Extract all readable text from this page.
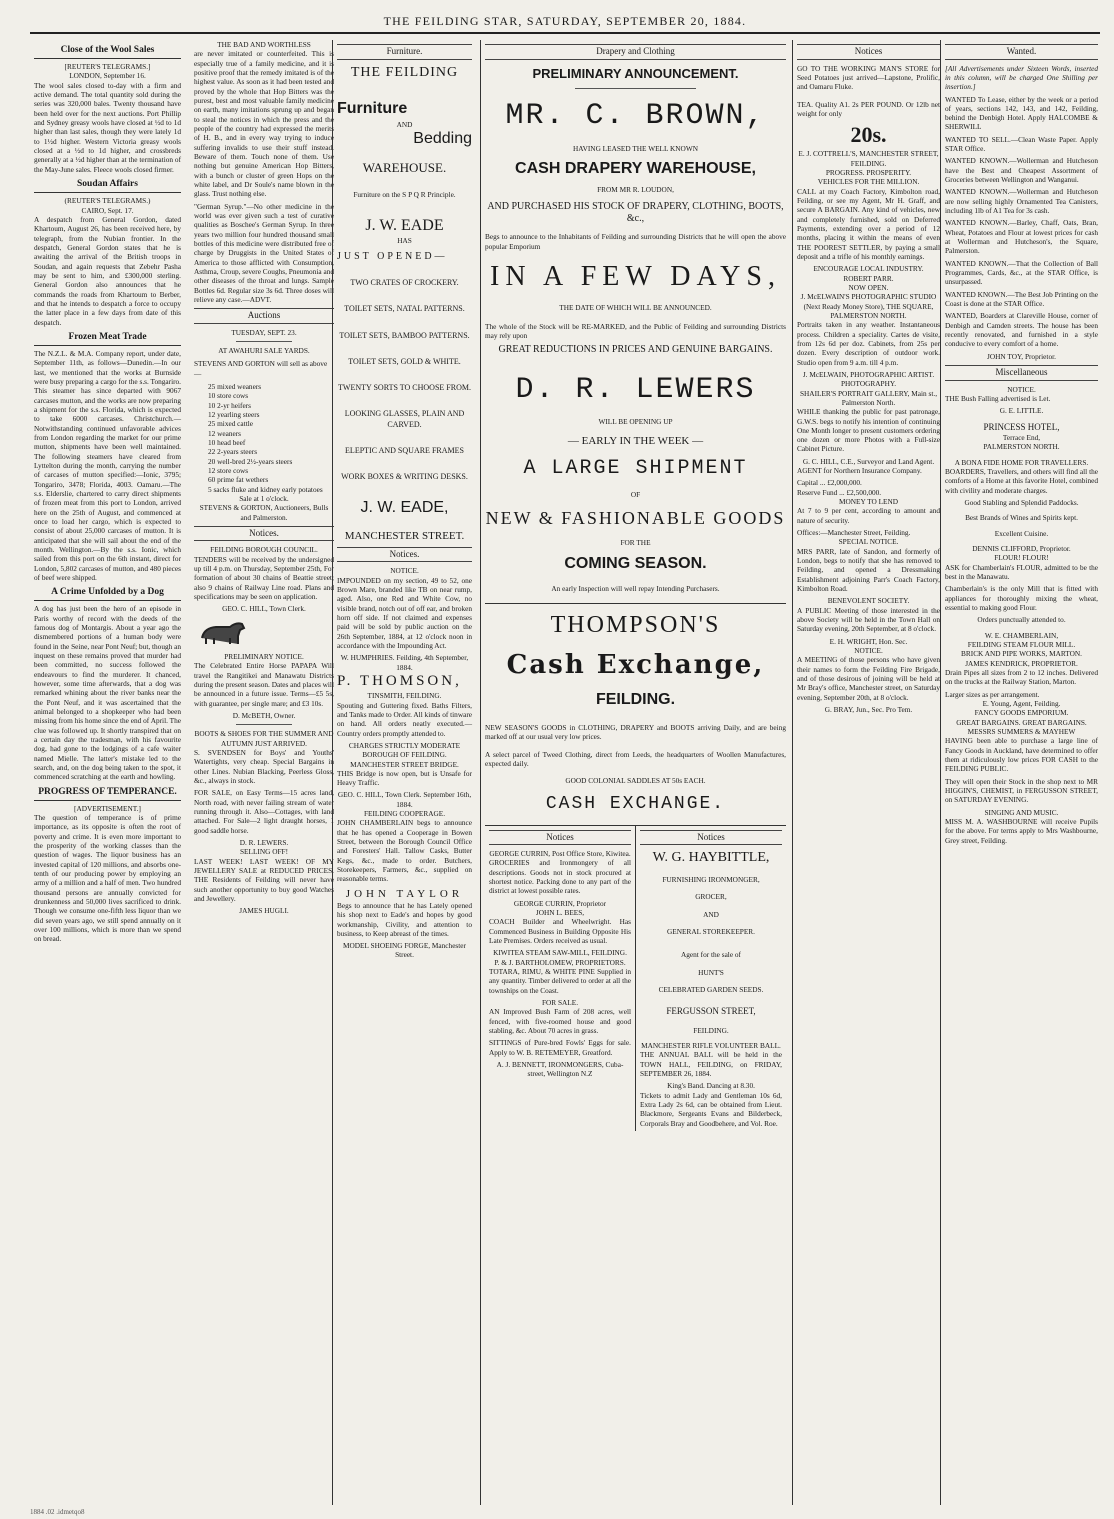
THE FEILDING STAR, SATURDAY, SEPTEMBER 20, 1884.
Close of the Wool Sales
[REUTER'S TELEGRAMS.]
LONDON, September 16.

The wool sales closed to-day with a firm and active demand. The total quantity sold during the series was 320,000 bales. Twenty thousand have been held over for the next auctions. Port Phillip and Sydney greasy wools have closed at ½d to 1d higher than last sales, though they were lately 1d to 1½d higher. Western Victoria greasy wools closed at a ½d to 1d higher, and crossbreds generally at a ½d higher than at the termination of the May-June sales. Fleece wools closed firmer.

Soudan Affairs
(REUTER'S TELEGRAMS.)
CAIRO, Sept. 17.

A despatch from General Gordon, dated Khartoum, August 26, has been received here, by telegraph, from the Nubian frontier. In the despatch, General Gordon states that he is awaiting the arrival of the British troops in Soudan, and again requests that Zebehr Pasha may be sent to him, and £300,000 sterling. General Gordon also announces that he commands the roads from Khartoum to Berber, and that he intends to despatch a force to occupy the latter place in a few days from date of this despatch.

Frozen Meat Trade

The N.Z.L. & M.A. Company report, under date, September 11th, as follows—Dunedin.—In our last, we mentioned that the works at Burnside were busy preparing a cargo for the s.s. Tongariro. This steamer has since departed with 9067 carcases mutton, and the works are now preparing a shipment for the s.s. Florida, which is expected to take 6000 carcases. Christchurch.—Notwithstanding continued unfavorable advices from London regarding the market for our prime mutton, shipments have been well maintained. The following steamers have cleared from Lyttelton during the month, carrying the number of carcases of mutton specified:—Ionic, 3795; Tongariro, 3478; Florida, 4003. Oamaru.—The s.s. Elderslie, chartered to carry direct shipments of frozen meat from this port to London, arrived here on the 25th of August, and commenced at once to load her cargo, which is expected to consist of about 25,000 carcases of mutton. It is anticipated that she will sail about the end of the month. Wellington.—By the s.s. Ionic, which sailed from this port on the 6th instant, direct for London, 5,802 carcases of mutton, and 480 pieces of beef were shipped.

A Crime Unfolded by a Dog

A dog has just been the hero of an episode in Paris worthy of record with the deeds of the famous dog of Montargis. About a year ago the dismembered portions of a human body were found in the Seine, near Pont Neuf; but, though an inquest on these remains proved that murder had been committed, no success followed the endeavours to find the murderer. It chanced, however, some time afterwards, that a dog was remarked whining about the river banks near the the Pont Neuf, and it was ascertained that the animal belonged to a shopkeeper who had been missing from his home since the end of April. The clue was followed up. It shortly transpired that on a certain day the tradesman, with his favourite dog, had gone to the lodgings of a cafe waiter named Mielle. The latter's mistake led to the search, and, on the dog being taken to the spot, it commenced scratching at the earth and howling.

PROGRESS OF TEMPERANCE.
[ADVERTISEMENT.]

The question of temperance is of prime importance, as its opposite is often the root of poverty and crime. It is even more important to the prosperity of the working classes than the question of wages. The liquor business has an invested capital of 120 millions, and absorbs one-tenth of our producing power by employing an army of a million and a half of men. Two hundred thousand persons are annually convicted for drunkenness and 50,000 lives sacrificed to drink. Though we consume one-fifth less liquor than we did seven years ago, we still spend annually on it over 100 millions, which is more than we spend on bread.

THE BAD AND WORTHLESS

are never imitated or counterfeited. This is especially true of a family medicine, and it is positive proof that the remedy imitated is of the highest value. As soon as it had been tested and proved by the whole that Hop Bitters was the purest, best and most valuable family medicine on earth, many imitations sprung up and began to steal the notices in which the press and the people of the country had expressed the merits of H. B., and in every way trying to induce suffering invalids to use their stuff instead. Beware of them. Touch none of them. Use nothing but genuine American Hop Bitters, with a bunch or cluster of green Hops on the white label, and Dr Soule's name blown in the glass. Trust nothing else.

"German Syrup."—No other medicine in the world was ever given such a test of curative qualities as Boschee's German Syrup. In three years two million four hundred thousand small bottles of this medicine were distributed free of charge by Druggists in the United States of America to those afflicted with Consumption, Asthma, Croup, severe Coughs, Pneumonia and other diseases of the throat and lungs. Sample Bottles 6d. Regular size 3s 6d. Three doses will relieve any case.—ADVT.

Auctions
TUESDAY, SEPT. 23.
AT AWAHURI SALE YARDS.
STEVENS AND GORTON will sell as above—
25 mixed weaners
10 store cows
10 2-yr heifers
12 yearling steers
25 mixed cattle
12 weaners
10 head beef
22 2-years steers
20 well-bred 2½-years steers
12 store cows
60 prime fat wethers
5 sacks fluke and kidney early potatoes
Sale at 1 o'clock.
STEVENS & GORTON, Auctioneers, Bulls and Palmerston.
Notices.
FEILDING BOROUGH COUNCIL.

TENDERS will be received by the undersigned up till 4 p.m. on Thursday, September 25th, For formation of about 30 chains of Beattie street; also 9 chains of Railway Line road. Plans and specifications may be seen on application.

GEO. C. HILL, Town Clerk.
PRELIMINARY NOTICE.

The Celebrated Entire Horse PAPAPA Will travel the Rangitikei and Manawatu Districts during the present season. Dates and places will be announced in a future issue. Terms—£5 5s, with guarantee, per single mare; and £3 10s.

D. McBETH, Owner.
BOOTS & SHOES FOR THE SUMMER AND AUTUMN JUST ARRIVED.

S. SVENDSEN for Boys' and Youths' Watertights, very cheap. Special Bargains in other Lines. Nubian Blacking, Peerless Gloss, &c., always in stock.

FOR SALE, on Easy Terms—15 acres land, North road, with never failing stream of water running through it. Also—Cottages, with land attached. For Sale—2 light draught horses, 1 good saddle horse.

D. R. LEWERS.
SELLING OFF!

LAST WEEK! LAST WEEK! OF MY JEWELLERY SALE at REDUCED PRICES. THE Residents of Feilding will never have such another opportunity to buy good Watches and Jewellery.

JAMES HUGLI.
Furniture.
THE FEILDING
Furniture
AND
Bedding
WAREHOUSE.
Furniture on the S P Q R Principle.
J. W. EADE
HAS
JUST OPENED—
TWO CRATES OF CROCKERY.
TOILET SETS, NATAL PATTERNS.
TOILET SETS, BAMBOO PATTERNS.
TOILET SETS, GOLD & WHITE.
TWENTY SORTS TO CHOOSE FROM.
LOOKING GLASSES, PLAIN AND CARVED.
ELEPTIC AND SQUARE FRAMES
WORK BOXES & WRITING DESKS.
J. W. EADE,
MANCHESTER STREET.
Notices.
NOTICE.

IMPOUNDED on my section, 49 to 52, one Brown Mare, branded like TB on near rump, aged. Also, one Red and White Cow, no visible brand, notch out of off ear, and broken horn off side. If not claimed and expenses paid will be sold by public auction on the 26th September, 1884, at 12 o'clock noon in accordance with the Impounding Act.

W. HUMPHRIES. Feilding, 4th September, 1884.
P. THOMSON,
TINSMITH, FEILDING.

Spouting and Guttering fixed. Baths Filters, and Tanks made to Order. All kinds of tinware on hand. All orders neatly executed.—Country orders promptly attended to.

CHARGES STRICTLY MODERATE
BOROUGH OF FEILDING.
MANCHESTER STREET BRIDGE.

THIS Bridge is now open, but is Unsafe for Heavy Traffic.

GEO. C. HILL, Town Clerk. September 16th, 1884.
FEILDING COOPERAGE.

JOHN CHAMBERLAIN begs to announce that he has opened a Cooperage in Bowen Street, between the Borough Council Office and Foresters' Hall. Tallow Casks, Butter Kegs, &c., made to order. Butchers, Storekeepers, Farmers, &c., supplied on reasonable terms.

JOHN TAYLOR

Begs to announce that he has Lately opened his shop next to Eade's and hopes by good workmanship, Civility, and attention to business, to Keep abreast of the times.

MODEL SHOEING FORGE, Manchester Street.
Drapery and Clothing
PRELIMINARY ANNOUNCEMENT.
MR. C. BROWN,
HAVING LEASED THE WELL KNOWN
CASH DRAPERY WAREHOUSE,
FROM MR R. LOUDON,
AND PURCHASED HIS STOCK OF DRAPERY, CLOTHING, BOOTS, &c.,

Begs to announce to the Inhabitants of Feilding and surrounding Districts that he will open the above popular Emporium

IN A FEW DAYS,
THE DATE OF WHICH WILL BE ANNOUNCED.

The whole of the Stock will be RE-MARKED, and the Public of Feilding and surrounding Districts may rely upon

GREAT REDUCTIONS IN PRICES AND GENUINE BARGAINS.
D. R. LEWERS
WILL BE OPENING UP
— EARLY IN THE WEEK —
A LARGE SHIPMENT
OF
NEW & FASHIONABLE GOODS
FOR THE
COMING SEASON.
An early Inspection will well repay Intending Purchasers.
THOMPSON'S
Cash Exchange,
FEILDING.

NEW SEASON'S GOODS in CLOTHING, DRAPERY and BOOTS arriving Daily, and are being marked off at our usual very low prices.

A select parcel of Tweed Clothing, direct from Leeds, the headquarters of Woollen Manufactures, expected daily.

GOOD COLONIAL SADDLES AT 50s EACH.
CASH EXCHANGE.
Notices
GEORGE CURRIN, Post Office Store, Kiwitea.

GROCERIES and Ironmongery of all descriptions. Goods not in stock procured at shortest notice. Packing done to any part of the district at lowest possible rates.

GEORGE CURRIN, Proprietor
JOHN L. BEES,

COACH Builder and Wheelwright. Has Commenced Business in Building Opposite His Late Premises. Orders received as usual.

KIWITEA STEAM SAW-MILL, FEILDING.
P. & J. BARTHOLOMEW, PROPRIETORS.

TOTARA, RIMU, & WHITE PINE Supplied in any quantity. Timber delivered to order at all the townships on the Coast.

FOR SALE.

AN Improved Bush Farm of 208 acres, well fenced, with five-roomed house and good stabling, &c. About 70 acres in grass.

SITTINGS of Pure-bred Fowls' Eggs for sale. Apply to W. B. RETEMEYER, Greatford.

A. J. BENNETT, IRONMONGERS, Cuba-street, Wellington N.Z
Notices
W. G. HAYBITTLE,
FURNISHING IRONMONGER,
GROCER,
AND
GENERAL STOREKEEPER.
Agent for the sale of
HUNT'S
CELEBRATED GARDEN SEEDS.
FERGUSSON STREET,
FEILDING.
MANCHESTER RIFLE VOLUNTEER BALL.

THE ANNUAL BALL will be held in the TOWN HALL, FEILDING, on FRIDAY, SEPTEMBER 26, 1884.

King's Band. Dancing at 8.30.

Tickets to admit Lady and Gentleman 10s 6d, Extra Lady 2s 6d, can be obtained from Lieut. Blackmore, Sergeants Evans and Bilderbeck, Corporals Bray and Goodbehere, and Vol. Roe.

Notices

GO TO THE WORKING MAN'S STORE for Seed Potatoes just arrived—Lapstone, Prolific, and Oamaru Fluke.

TEA. Quality A1. 2s PER POUND. Or 12lb net weight for only

20s.
E. J. COTTRELL'S, MANCHESTER STREET, FEILDING.
PROGRESS. PROSPERITY.
VEHICLES FOR THE MILLION.

CALL at my Coach Factory, Kimbolton road, Feilding, or see my Agent, Mr H. Graff, and secure A BARGAIN. Any kind of vehicles, new and completely furnished, sold on Deferred Payments, extending over a period of 12 months, placing it within the means of even THE POOREST SETTLER, by paying a small deposit and a trifle of his monthly earnings.

ENCOURAGE LOCAL INDUSTRY.
ROBERT PARR.
NOW OPEN.
J. McELWAIN'S PHOTOGRAPHIC STUDIO (Next Ready Money Store), THE SQUARE, PALMERSTON NORTH.

Portraits taken in any weather. Instantaneous process. Children a speciality. Cartes de visite, from 12s 6d per doz. Cabinets, from 25s per dozen. Every description of outdoor work. Studio open from 9 a.m. till 4 p.m.

J. McELWAIN, PHOTOGRAPHIC ARTIST.
PHOTOGRAPHY.
SHAILER'S PORTRAIT GALLERY, Main st., Palmerston North.

WHILE thanking the public for past patronage, G.W.S. begs to notify his intention of continuing One Month longer to present customers ordering one dozen or more Photos with a Full-size Cabinet Picture.

G. C. HILL, C.E., Surveyor and Land Agent.

AGENT for Northern Insurance Company.

Capital ... £2,000,000.
Reserve Fund ... £2,500,000.
MONEY TO LEND

At 7 to 9 per cent, according to amount and nature of security.

Offices:—Manchester Street, Feilding.
SPECIAL NOTICE.

MRS PARR, late of Sandon, and formerly of London, begs to notify that she has removed to Feilding, and opened a Dressmaking Establishment adjoining Parr's Coach Factory, Kimbolton Road.

BENEVOLENT SOCIETY.

A PUBLIC Meeting of those interested in the above Society will be held in the Town Hall on Saturday evening, 20th September, at 8 o'clock.

E. H. WRIGHT, Hon. Sec.
NOTICE.

A MEETING of those persons who have given their names to form the Feilding Fire Brigade, and of those desirous of joining will be held at Mr Bray's office, Manchester street, on Saturday evening, September 20th, at 8 o'clock.

G. BRAY, Jun., Sec. Pro Tem.
Wanted.

[All Advertisements under Sixteen Words, inserted in this column, will be charged One Shilling per insertion.]

WANTED To Lease, either by the week or a period of years, sections 142, 143, and 142, Feilding, behind the Denbigh Hotel. Apply HALCOMBE & SHERWILL

WANTED TO SELL.—Clean Waste Paper. Apply STAR Office.

WANTED KNOWN.—Wollerman and Hutcheson have the Best and Cheapest Assortment of Groceries between Wellington and Wanganui.

WANTED KNOWN.—Wollerman and Hutcheson are now selling highly Ornamented Tea Canisters, including 1lb of A1 Tea for 3s cash.

WANTED KNOWN.—Barley, Chaff, Oats, Bran, Wheat, Potatoes and Flour at lowest prices for cash at Wollerman and Hutcheson's, the Square, Palmerston.

WANTED KNOWN.—That the Collection of Ball Programmes, Cards, &c., at the STAR Office, is unsurpassed.

WANTED KNOWN.—The Best Job Printing on the Coast is done at the STAR Office.

WANTED, Boarders at Clareville House, corner of Denbigh and Camden streets. The house has been recently renovated, and furnished in a style conducive to every comfort of a home.

JOHN TOY, Proprietor.
Miscellaneous
NOTICE.

THE Bush Falling advertised is Let.

G. E. LITTLE.
PRINCESS HOTEL,
Terrace End,
PALMERSTON NORTH.
A BONA FIDE HOME FOR TRAVELLERS.

BOARDERS, Travellers, and others will find all the comforts of a Home at this favorite Hotel, combined with civility and moderate charges.

Good Stabling and Splendid Paddocks.
Best Brands of Wines and Spirits kept.
Excellent Cuisine.
DENNIS CLIFFORD, Proprietor.
FLOUR! FLOUR!

ASK for Chamberlain's FLOUR, admitted to be the best in the Manawatu.

Chamberlain's is the only Mill that is fitted with appliances for thoroughly mixing the wheat, essential to making good Flour.

Orders punctually attended to.
W. E. CHAMBERLAIN,
FEILDING STEAM FLOUR MILL.
BRICK AND PIPE WORKS, MARTON.
JAMES KENDRICK, PROPRIETOR.

Drain Pipes all sizes from 2 to 12 inches. Delivered on the trucks at the Railway Station, Marton.

Larger sizes as per arrangement.
E. Young, Agent, Feilding.
FANCY GOODS EMPORIUM.
GREAT BARGAINS. GREAT BARGAINS.
MESSRS SUMMERS & MAYHEW

HAVING been able to purchase a large line of Fancy Goods in Auckland, have determined to offer them at ridiculously low prices FOR CASH to the FEILDING PUBLIC.

They will open their Stock in the shop next to MR HIGGIN'S, CHEMIST, in FERGUSSON STREET, on SATURDAY EVENING.

SINGING AND MUSIC.

MISS M. A. WASHBOURNE will receive Pupils for the above. For terms apply to Mrs Washbourne, Grey street, Feilding.

1884 .02 .idmetqo8
